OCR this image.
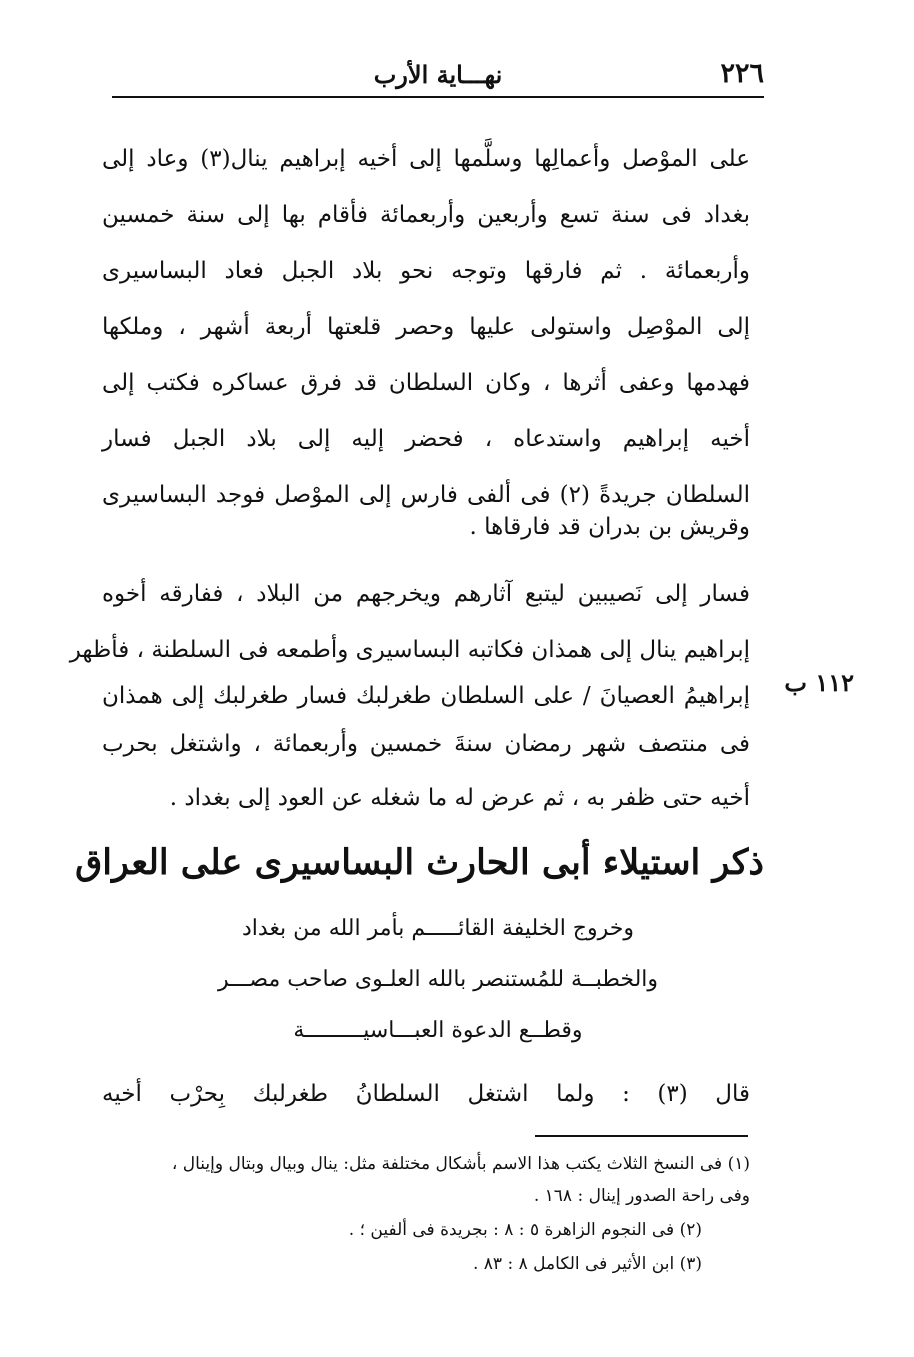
٢٢٦
نهـــاية الأرب
على الموْصل وأعمالِها وسلَّمها إلى أخيه إبراهيم ينال(٣) وعاد إلى
بغداد فى سنة تسع وأربعين وأربعمائة فأقام بها إلى سنة خمسين
وأربعمائة . ثم فارقها وتوجه نحو بلاد الجبل فعاد البساسيرى
إلى الموْصِل واستولى عليها وحصر قلعتها أربعة أشهر ، وملكها
فهدمها وعفى أثرها ، وكان السلطان قد فرق عساكره فكتب إلى
أخيه إبراهيم واستدعاه ، فحضر إليه إلى بلاد الجبل فسار
السلطان جريدةً (٢) فى ألفى فارس إلى الموْصل فوجد البساسيرى
وقريش بن بدران قد فارقاها .
فسار إلى نَصيبين ليتبع آثارهم ويخرجهم من البلاد ، ففارقه أخوه
إبراهيم ينال إلى همذان فكاتبه البساسيرى وأطمعه فى السلطنة ، فأظهر
إبراهيمُ العصيانَ / على السلطان طغرلبك فسار طغرلبك إلى همذان
فى منتصف شهر رمضان سنةَ خمسين وأربعمائة ، واشتغل بحرب
أخيه حتى ظفر به ، ثم عرض له ما شغله عن العود إلى بغداد .
١١٢ ب
ذكر استيلاء أبى الحارث البساسيرى على العراق
وخروج الخليفة القائـــــم بأمر الله من بغداد
والخطبــة للمُستنصر بالله العلـوى صاحب مصـــر
وقطــع الدعوة العبـــاسيـــــــــة
قال (٣) : ولما اشتغل السلطانُ طغرلبك بِحرْب أخيه
(١) فى النسخ الثلاث يكتب هذا الاسم بأشكال مختلفة مثل: ينال وبيال وبتال وإينال ،
وفى راحة الصدور إينال : ١٦٨ .
(٢) فى النجوم الزاهرة ٥ : ٨ : بجريدة فى ألفين ؛ .
(٣) ابن الأثير فى الكامل ٨ : ٨٣ .
